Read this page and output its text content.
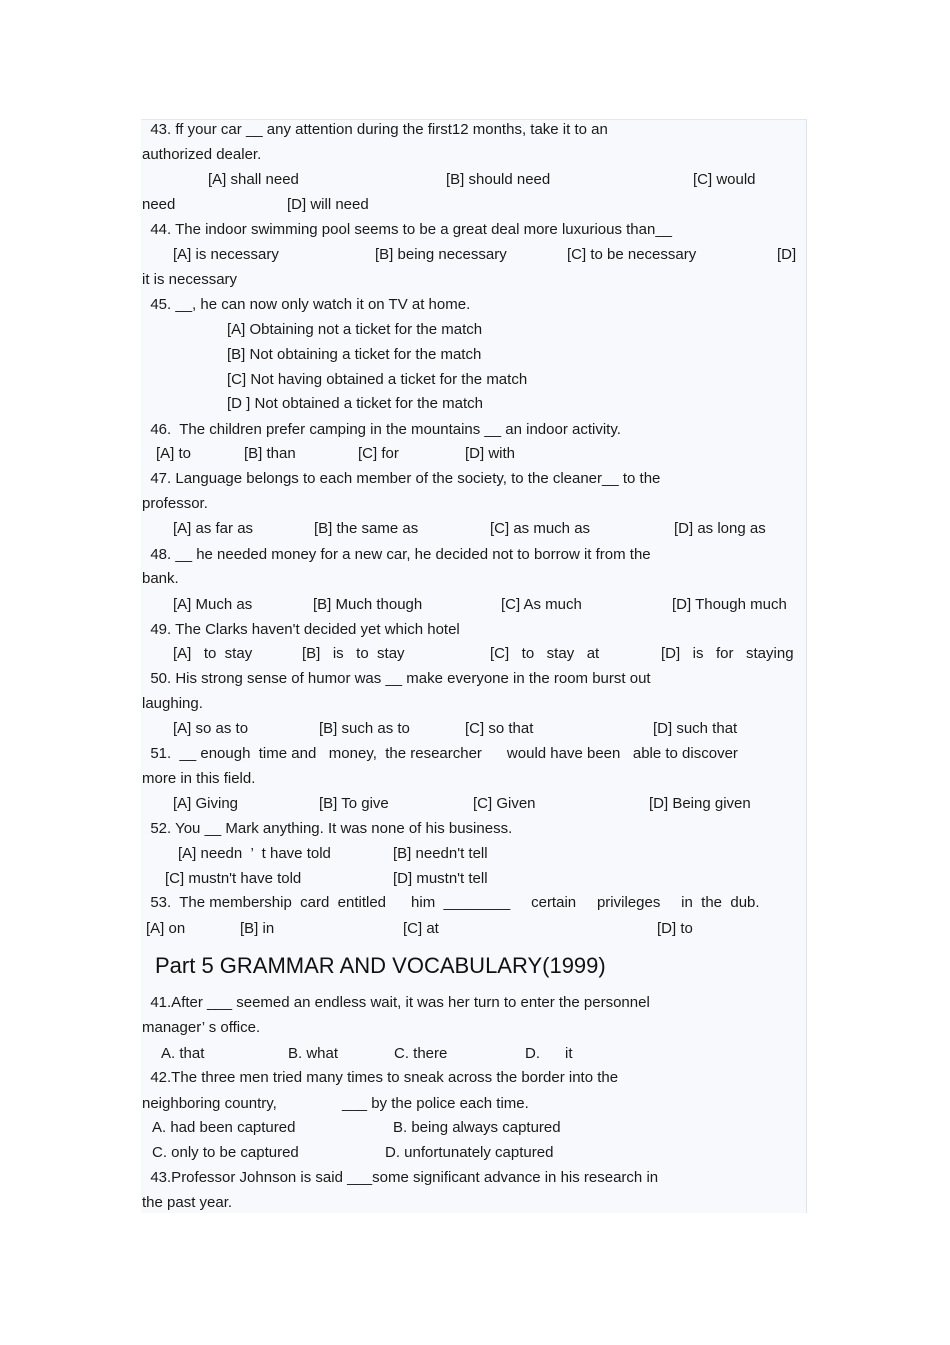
43. ff your car __ any attention during the first12 months, take it to an
authorized dealer.
[A] shall need	[B] should need	[C] would
need	[D] will need
44. The indoor swimming pool seems to be a great deal more luxurious than__
[A] is necessary	[B] being necessary	[C] to be necessary	[D]
it is necessary
45. __, he can now only watch it on TV at home.
[A] Obtaining not a ticket for the match
[B] Not obtaining a ticket for the match
[C] Not having obtained a ticket for the match
[D ] Not obtained a ticket for the match
46.  The children prefer camping in the mountains __ an indoor activity.
[A] to	[B] than	[C] for	[D] with
47. Language belongs to each member of the society, to the cleaner__ to the
professor.
[A] as far as	[B] the same as	[C] as much as	[D] as long as
48. __ he needed money for a new car, he decided not to borrow it from the
bank.
[A] Much as	[B] Much though	[C] As much	[D] Though much
49. The Clarks haven't decided yet which hotel
[A]   to  stay	[B]   is   to  stay	[C]   to   stay   at	[D]   is   for   staying
50. His strong sense of humor was __ make everyone in the room burst out
laughing.
[A] so as to	[B] such as to	[C] so that	[D] such that
51.  __ enough  time and   money,  the researcher      would have been   able to discover
more in this field.
[A] Giving	[B] To give	[C] Given	[D] Being given
52. You __ Mark anything. It was none of his business.
[A] needn  ’  t have told	[B] needn't tell
[C] mustn't have told	[D] mustn't tell
53.  The membership  card  entitled      him  ________     certain     privileges     in  the  dub.
[A] on	[B] in	[C] at	[D] to
Part 5 GRAMMAR AND VOCABULARY(1999)
41.After ___ seemed an endless wait, it was her turn to enter the personnel
manager’ s office.
A. that	B. what	C. there	D.      it
42.The three men tried many times to sneak across the border into the
neighboring country,	___ by the police each time.
A. had been captured	B. being always captured
C. only to be captured	D. unfortunately captured
43.Professor Johnson is said ___some significant advance in his research in
the past year.
